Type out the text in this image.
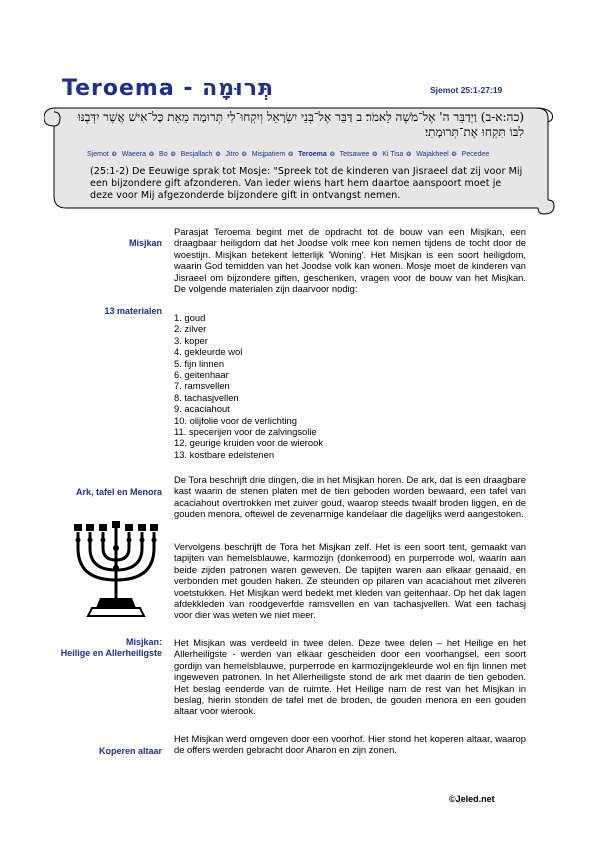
Teroema - תְּרוּמָה	Sjemot 25:1-27:19
(כה:א-ב) וַיְדַבֵּר ה' אֶל־מֹשֶׁה לֵּאמֹר׃ ב דַּבֵּר אֶל־בְּנֵי יִשְׂרָאֵל וְיִקְחוּ־לִי תְּרוּמָה מֵאֵת כָּל־אִישׁ אֲשֶׁר יִדְּבֶנּוּ לִבּוֹ תִּקְחוּ אֶת־תְּרוּמָתִי׃
Sjemot ❂ Waeera ❂ Bo ❂ Besjallach ❂ Jitro ❂ Misjpatiem ❂ Teroema ❂ Tetsawee ❂ Ki Tisa ❂ Wajakheel ❂ Pecedee
(25:1-2) De Eeuwige sprak tot Mosje: "Spreek tot de kinderen van Jisraeel dat zij voor Mij een bijzondere gift afzonderen. Van ieder wiens hart hem daartoe aanspoort moet je deze voor Mij afgezonderde bijzondere gift in ontvangst nemen.
Misjkan
13 materialen
Ark, tafel en Menora
Misjkan:
Heilige en Allerheiligste
Koperen altaar
Parasjat Teroema begint met de opdracht tot de bouw van een Misjkan, een draagbaar heiligdom dat het Joodse volk mee kon nemen tijdens de tocht door de woestijn. Misjkan betekent letterlijk 'Woning'. Het Misjkan is een soort heiligdom, waarin God temidden van het Joodse volk kan wonen. Mosje moet de kinderen van Jisraeel om bijzondere giften, geschenken, vragen voor de bouw van het Misjkan. De volgende materialen zijn daarvoor nodig:
1. goud
2. zilver
3. koper
4. gekleurde wol
5. fijn linnen
6. geitenhaar
7. ramsvellen
8. tachasjvellen
9. acaciahout
10. olijfolie voor de verlichting
11. specerijen voor de zalvingsolie
12. geurige kruiden voor de wierook
13. kostbare edelstenen
De Tora beschrijft drie dingen, die in het Misjkan horen. De ark, dat is een draagbare kast waarin de stenen platen met de tien geboden worden bewaard, een tafel van acaciahout overtrokken met zuiver goud, waarop steeds twaalf broden liggen, en de gouden menora, oftewel de zevenarmige kandelaar die dagelijks werd aangestoken.
Vervolgens beschrijft de Tora het Misjkan zelf. Het is een soort tent, gemaakt van tapijten van hemelsblauwe, karmozijn (donkerrood) en purperrode wol, waarin aan beide zijden patronen waren geweven. De tapijten waren aan elkaar genaaid, en verbonden met gouden haken. Ze steunden op pilaren van acaciahout met zilveren voetstukken. Het Misjkan werd bedekt met kleden van geitenhaar. Op het dak lagen afdekkleden van roodgeverfde ramsvellen en van tachasjvellen. Wat een tachasj voor dier was weten we niet meer.
Het Misjkan was verdeeld in twee delen. Deze twee delen – het Heilige en het Allerheiligste - werden van elkaar gescheiden door een voorhangsel, een soort gordijn van hemelsblauwe, purperrode en karmozijngekleurde wol en fijn linnen met ingeweven patronen. In het Allerheiligste stond de ark met daarin de tien geboden. Het beslag eenderde van de ruimte. Het Heilige nam de rest van het Misjkan in beslag, hierin stonden de tafel met de broden, de gouden menora en een gouden altaar voor wierook.
Het Misjkan werd omgeven door een voorhof. Hier stond het koperen altaar, waarop de offers werden gebracht door Aharon en zijn zonen.
©Jeled.net
